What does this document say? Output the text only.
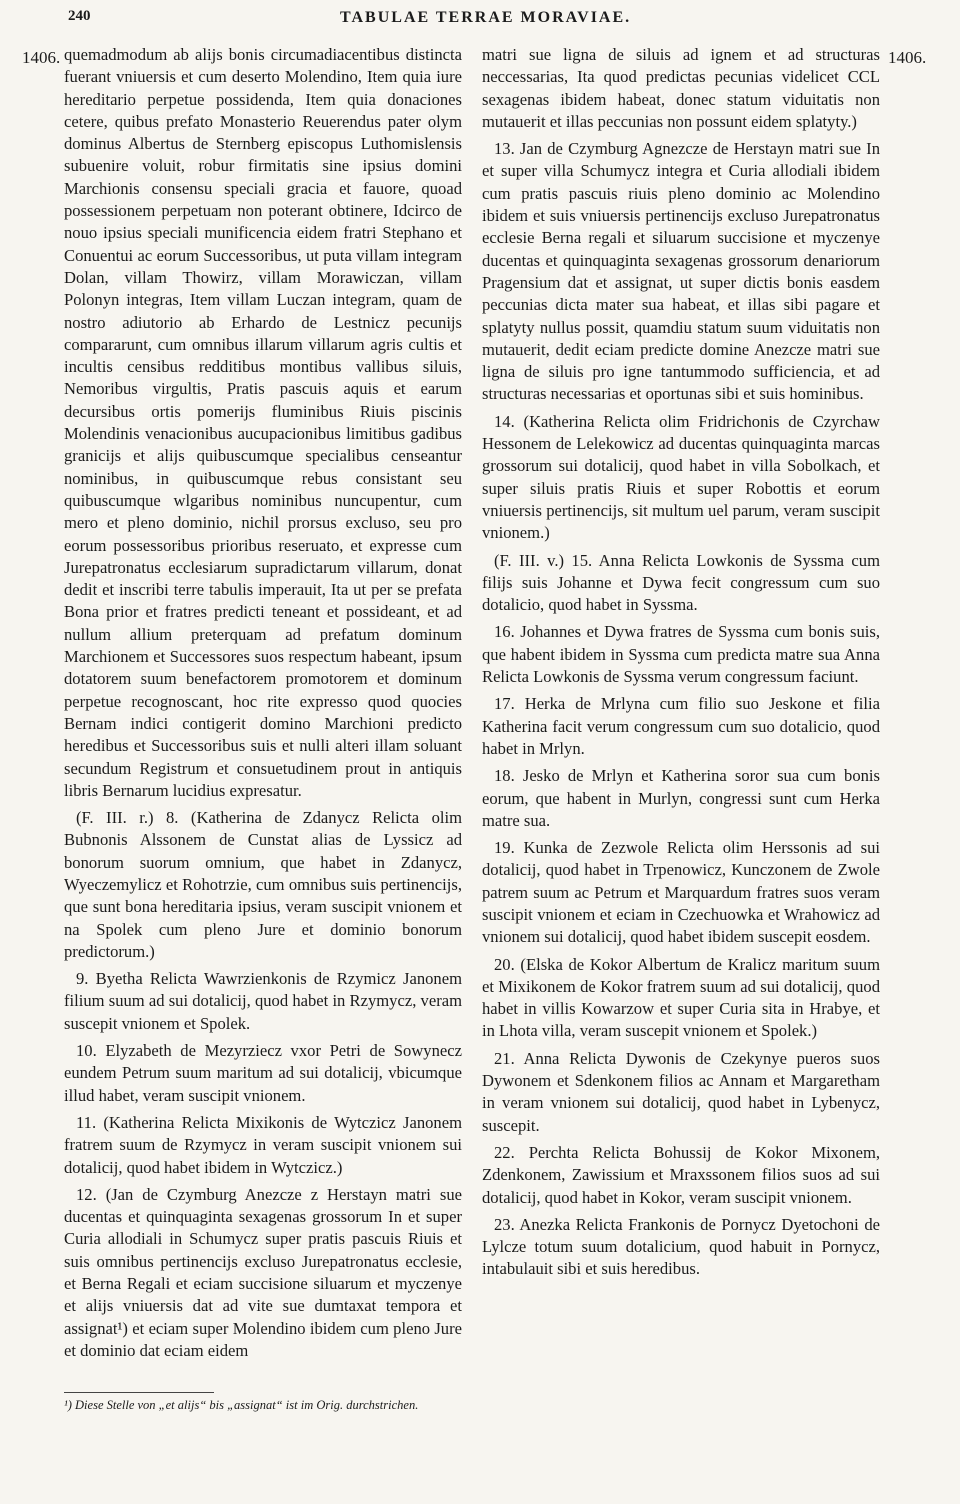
240	TABULAE TERRAE MORAVIAE.
1406.	1406.

quemadmodum ab alijs bonis circumadiacentibus distincta fuerant vniuersis et cum deserto Molendino, Item quia iure hereditario perpetue possidenda, Item quia donaciones cetere, quibus prefato Monasterio Reuerendus pater olym dominus Albertus de Sternberg episcopus Luthomislensis subuenire voluit, robur firmitatis sine ipsius domini Marchionis consensu speciali gracia et fauore, quoad possessionem perpetuam non poterant obtinere, Idcirco de nouo ipsius speciali munificencia eidem fratri Stephano et Conuentui ac eorum Successoribus, ut puta villam integram Dolan, villam Thowirz, villam Morawiczan, villam Polonyn integras, Item villam Luczan integram, quam de nostro adiutorio ab Erhardo de Lestnicz pecunijs compararunt, cum omnibus illarum villarum agris cultis et incultis censibus redditibus montibus vallibus siluis, Nemoribus virgultis, Pratis pascuis aquis et earum decursibus ortis pomerijs fluminibus Riuis piscinis Molendinis venacionibus aucupacionibus limitibus gadibus granicijs et alijs quibuscumque specialibus censeantur nominibus, in quibuscumque rebus consistant seu quibuscumque wlgaribus nominibus nuncupentur, cum mero et pleno dominio, nichil prorsus excluso, seu pro eorum possessoribus prioribus reseruato, et expresse cum Jurepatronatus ecclesiarum supradictarum villarum, donat dedit et inscribi terre tabulis imperauit, Ita ut per se prefata Bona prior et fratres predicti teneant et possideant, et ad nullum allium preterquam ad prefatum dominum Marchionem et Successores suos respectum habeant, ipsum dotatorem suum benefactorem promotorem et dominum perpetue recognoscant, hoc rite expresso quod quocies Bernam indici contigerit domino Marchioni predicto heredibus et Successoribus suis et nulli alteri illam soluant secundum Registrum et consuetudinem prout in antiquis libris Bernarum lucidius expresatur.

(F. III. r.) 8. (Katherina de Zdanycz Relicta olim Bubnonis Alssonem de Cunstat alias de Lyssicz ad bonorum suorum omnium, que habet in Zdanycz, Wyeczemylicz et Rohotrzie, cum omnibus suis pertinencijs, que sunt bona hereditaria ipsius, veram suscipit vnionem et na Spolek cum pleno Jure et dominio bonorum predictorum.)

9. Byetha Relicta Wawrzienkonis de Rzymicz Janonem filium suum ad sui dotalicij, quod habet in Rzymycz, veram suscepit vnionem et Spolek.

10. Elyzabeth de Mezyrziecz vxor Petri de Sowynecz eundem Petrum suum maritum ad sui dotalicij, vbicumque illud habet, veram suscipit vnionem.

11. (Katherina Relicta Mixikonis de Wytczicz Janonem fratrem suum de Rzymycz in veram suscipit vnionem sui dotalicij, quod habet ibidem in Wytczicz.)

12. (Jan de Czymburg Anezcze z Herstayn matri sue ducentas et quinquaginta sexagenas grossorum In et super Curia allodiali in Schumycz super pratis pascuis Riuis et suis omnibus pertinencijs excluso Jurepatronatus ecclesie, et Berna Regali et eciam succisione siluarum et myczenye et alijs vniuersis dat ad vite sue dumtaxat tempora et assignat¹) et eciam super Molendino ibidem cum pleno Jure et dominio dat eciam eidem

matri sue ligna de siluis ad ignem et ad structuras neccessarias, Ita quod predictas pecunias videlicet CCL sexagenas ibidem habeat, donec statum viduitatis non mutauerit et illas peccunias non possunt eidem splatyty.)

13. Jan de Czymburg Agnezcze de Herstayn matri sue In et super villa Schumycz integra et Curia allodiali ibidem cum pratis pascuis riuis pleno dominio ac Molendino ibidem et suis vniuersis pertinencijs excluso Jurepatronatus ecclesie Berna regali et siluarum succisione et myczenye ducentas et quinquaginta sexagenas grossorum denariorum Pragensium dat et assignat, ut super dictis bonis easdem peccunias dicta mater sua habeat, et illas sibi pagare et splatyty nullus possit, quamdiu statum suum viduitatis non mutauerit, dedit eciam predicte domine Anezcze matri sue ligna de siluis pro igne tantummodo sufficiencia, et ad structuras necessarias et oportunas sibi et suis hominibus.

14. (Katherina Relicta olim Fridrichonis de Czyrchaw Hessonem de Lelekowicz ad ducentas quinquaginta marcas grossorum sui dotalicij, quod habet in villa Sobolkach, et super siluis pratis Riuis et super Robottis et eorum vniuersis pertinencijs, sit multum uel parum, veram suscipit vnionem.)

(F. III. v.) 15. Anna Relicta Lowkonis de Syssma cum filijs suis Johanne et Dywa fecit congressum cum suo dotalicio, quod habet in Syssma.

16. Johannes et Dywa fratres de Syssma cum bonis suis, que habent ibidem in Syssma cum predicta matre sua Anna Relicta Lowkonis de Syssma verum congressum faciunt.

17. Herka de Mrlyna cum filio suo Jeskone et filia Katherina facit verum congressum cum suo dotalicio, quod habet in Mrlyn.

18. Jesko de Mrlyn et Katherina soror sua cum bonis eorum, que habent in Murlyn, congressi sunt cum Herka matre sua.

19. Kunka de Zezwole Relicta olim Herssonis ad sui dotalicij, quod habet in Trpenowicz, Kunczonem de Zwole patrem suum ac Petrum et Marquardum fratres suos veram suscipit vnionem et eciam in Czechuowka et Wrahowicz ad vnionem sui dotalicij, quod habet ibidem suscepit eosdem.

20. (Elska de Kokor Albertum de Kralicz maritum suum et Mixikonem de Kokor fratrem suum ad sui dotalicij, quod habet in villis Kowarzow et super Curia sita in Hrabye, et in Lhota villa, veram suscepit vnionem et Spolek.)

21. Anna Relicta Dywonis de Czekynye pueros suos Dywonem et Sdenkonem filios ac Annam et Margaretham in veram vnionem sui dotalicij, quod habet in Lybenycz, suscepit.

22. Perchta Relicta Bohussij de Kokor Mixonem, Zdenkonem, Zawissium et Mraxssonem filios suos ad sui dotalicij, quod habet in Kokor, veram suscipit vnionem.

23. Anezka Relicta Frankonis de Pornycz Dyetochoni de Lylcze totum suum dotalicium, quod habuit in Pornycz, intabulauit sibi et suis heredibus.

¹) Diese Stelle von „et alijs“ bis „assignat“ ist im Orig. durchstrichen.
